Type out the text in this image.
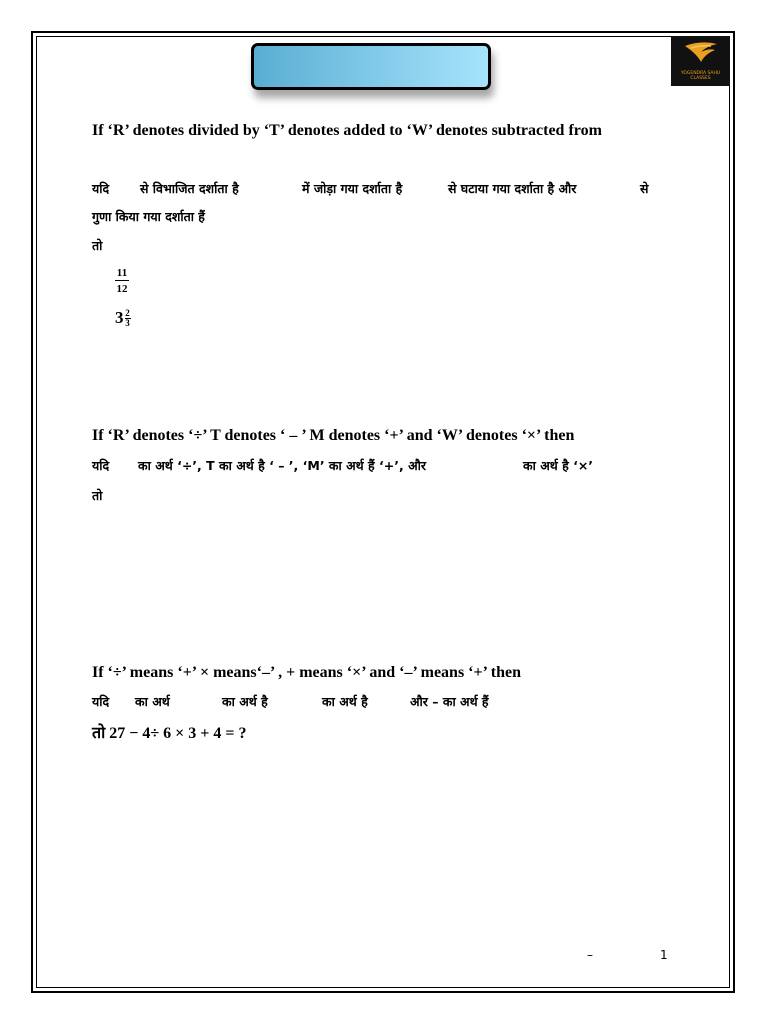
YOGENDRA SAHU
CLASSES
If ‘R’ denotes divided by ‘T’ denotes added to ‘W’ denotes subtracted from
यदि से विभाजित दर्शाता है	में जोड़ा गया दर्शाता है	से घटाया गया दर्शाता है और	से
गुणा किया गया दर्शाता हैं
तो
11
12
3 2
3
If ‘R’ denotes ‘÷’ T denotes ‘ – ’ M denotes ‘+’ and ‘W’ denotes ‘×’ then
यदि का अर्थ ‘÷’, T का अर्थ है ‘ – ’, ‘M’ का अर्थ हैं ‘+’, और	का अर्थ है ‘×’
तो
If ‘÷’ means ‘+’ × means‘–’ , + means ‘×’ and ‘–’ means ‘+’ then
यदि का अर्थ	का अर्थ है	का अर्थ है	और – का अर्थ हैं
तो 27 − 4÷ 6 × 3 + 4 = ?
–	1
